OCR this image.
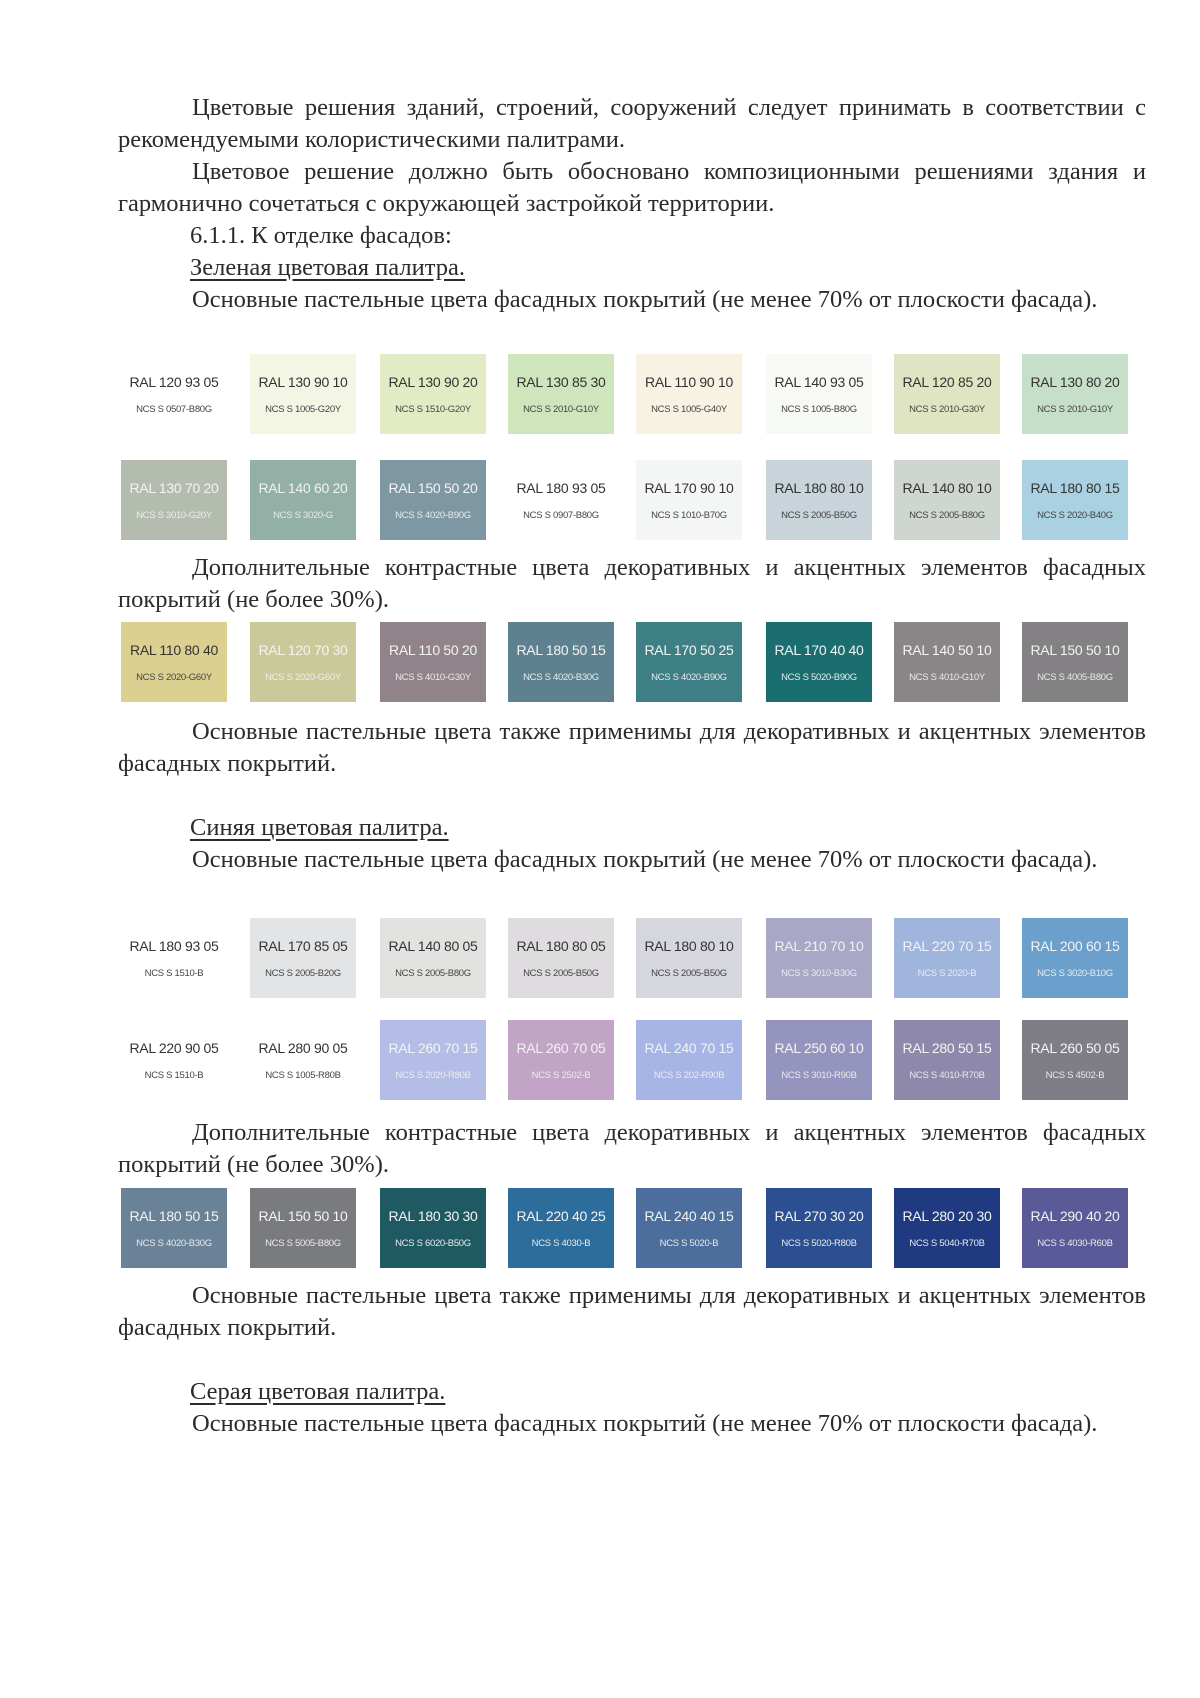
Цветовые решения зданий, строений, сооружений следует принимать в соответствии с рекомендуемыми колористическими палитрами.

Цветовое решение должно быть обосновано композиционными решениями здания и гармонично сочетаться с окружающей застройкой территории.

6.1.1. К отделке фасадов:
Зеленая цветовая палитра.

Основные пастельные цвета фасадных покрытий (не менее 70% от плоскости фасада).

RAL 120 93 05
NCS S 0507-B80G
RAL 130 90 10
NCS S 1005-G20Y
RAL 130 90 20
NCS S 1510-G20Y
RAL 130 85 30
NCS S 2010-G10Y
RAL 110 90 10
NCS S 1005-G40Y
RAL 140 93 05
NCS S 1005-B80G
RAL 120 85 20
NCS S 2010-G30Y
RAL 130 80 20
NCS S 2010-G10Y
RAL 130 70 20
NCS S 3010-G20Y
RAL 140 60 20
NCS S 3020-G
RAL 150 50 20
NCS S 4020-B90G
RAL 180 93 05
NCS S 0907-B80G
RAL 170 90 10
NCS S 1010-B70G
RAL 180 80 10
NCS S 2005-B50G
RAL 140 80 10
NCS S 2005-B80G
RAL 180 80 15
NCS S 2020-B40G

Дополнительные контрастные цвета декоративных и акцентных элементов фасадных покрытий (не более 30%).

RAL 110 80 40
NCS S 2020-G60Y
RAL 120 70 30
NCS S 2020-G60Y
RAL 110 50 20
NCS S 4010-G30Y
RAL 180 50 15
NCS S 4020-B30G
RAL 170 50 25
NCS S 4020-B90G
RAL 170 40 40
NCS S 5020-B90G
RAL 140 50 10
NCS S 4010-G10Y
RAL 150 50 10
NCS S 4005-B80G

Основные пастельные цвета также применимы для декоративных и акцентных элементов фасадных покрытий.

Синяя цветовая палитра.

Основные пастельные цвета фасадных покрытий (не менее 70% от плоскости фасада).

RAL 180 93 05
NCS S 1510-B
RAL 170 85 05
NCS S 2005-B20G
RAL 140 80 05
NCS S 2005-B80G
RAL 180 80 05
NCS S 2005-B50G
RAL 180 80 10
NCS S 2005-B50G
RAL 210 70 10
NCS S 3010-B30G
RAL 220 70 15
NCS S 2020-B
RAL 200 60 15
NCS S 3020-B10G
RAL 220 90 05
NCS S 1510-B
RAL 280 90 05
NCS S 1005-R80B
RAL 260 70 15
NCS S 2020-R80B
RAL 260 70 05
NCS S 2502-B
RAL 240 70 15
NCS S 202-R90B
RAL 250 60 10
NCS S 3010-R90B
RAL 280 50 15
NCS S 4010-R70B
RAL 260 50 05
NCS S 4502-B

Дополнительные контрастные цвета декоративных и акцентных элементов фасадных покрытий (не более 30%).

RAL 180 50 15
NCS S 4020-B30G
RAL 150 50 10
NCS S 5005-B80G
RAL 180 30 30
NCS S 6020-B50G
RAL 220 40 25
NCS S 4030-B
RAL 240 40 15
NCS S 5020-B
RAL 270 30 20
NCS S 5020-R80B
RAL 280 20 30
NCS S 5040-R70B
RAL 290 40 20
NCS S 4030-R60B

Основные пастельные цвета также применимы для декоративных и акцентных элементов фасадных покрытий.

Серая цветовая палитра.

Основные пастельные цвета фасадных покрытий (не менее 70% от плоскости фасада).
